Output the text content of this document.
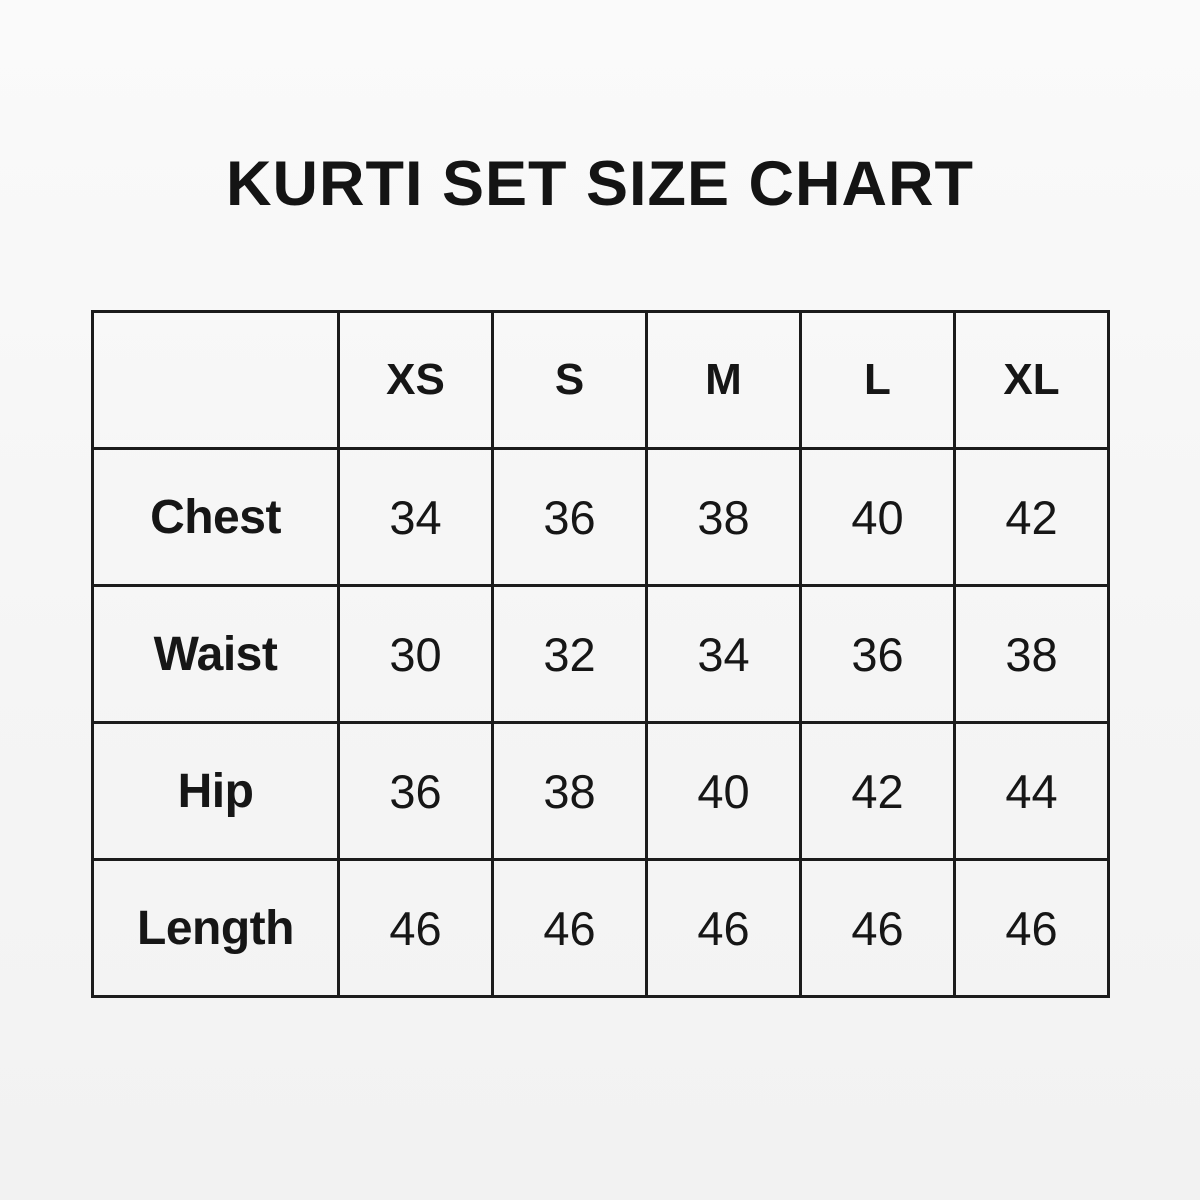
KURTI SET SIZE CHART
	XS	S	M	L	XL
Chest	34	36	38	40	42
Waist	30	32	34	36	38
Hip	36	38	40	42	44
Length	46	46	46	46	46
